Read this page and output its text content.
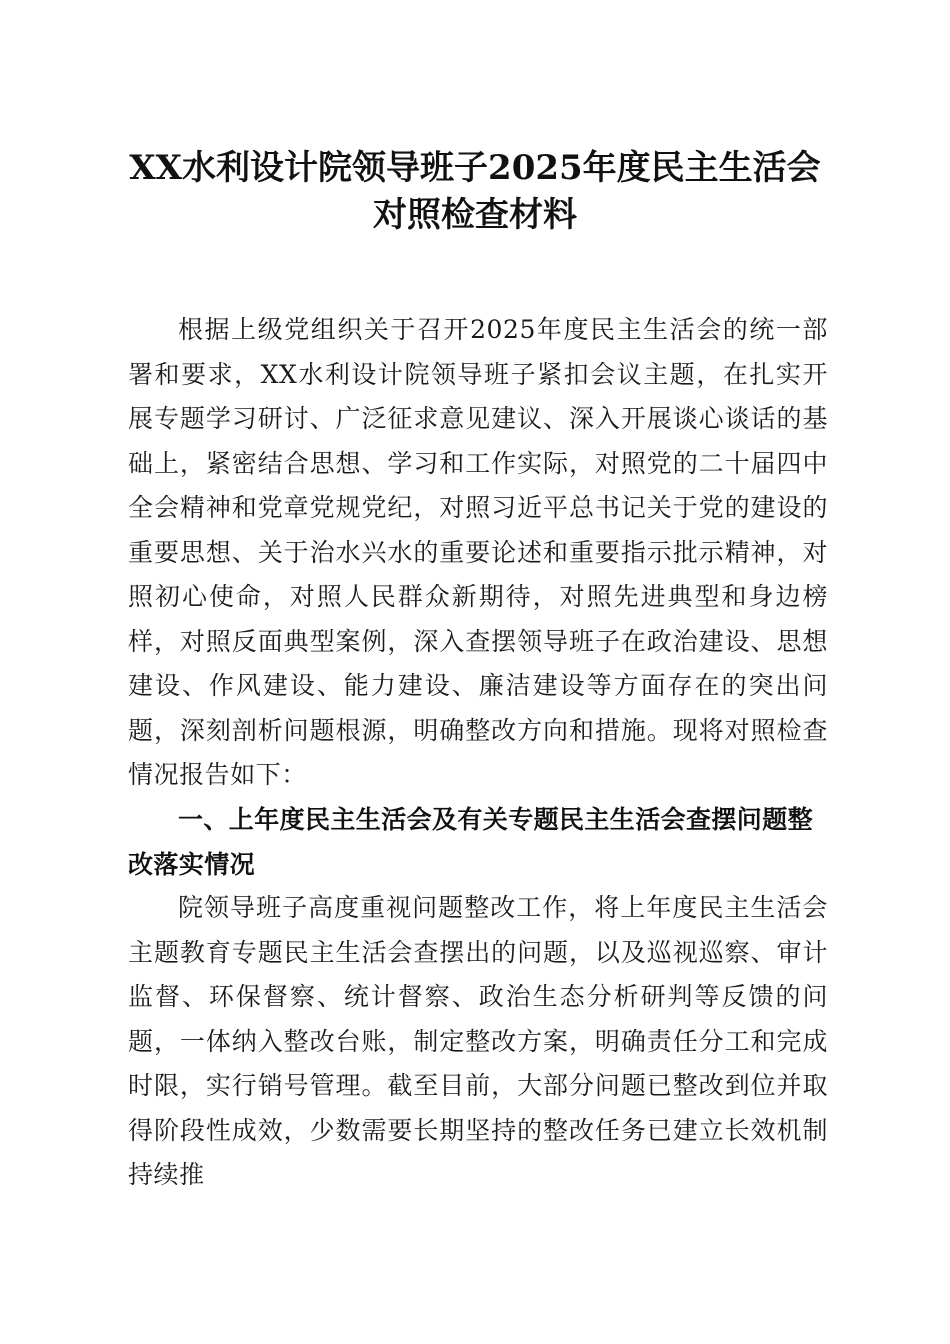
XX水利设计院领导班子2025年度民主生活会
对照检查材料

根据上级党组织关于召开2025年度民主生活会的统一部署和要求，XX水利设计院领导班子紧扣会议主题，在扎实开展专题学习研讨、广泛征求意见建议、深入开展谈心谈话的基础上，紧密结合思想、学习和工作实际，对照党的二十届四中全会精神和党章党规党纪，对照习近平总书记关于党的建设的重要思想、关于治水兴水的重要论述和重要指示批示精神，对照初心使命，对照人民群众新期待，对照先进典型和身边榜样，对照反面典型案例，深入查摆领导班子在政治建设、思想建设、作风建设、能力建设、廉洁建设等方面存在的突出问题，深刻剖析问题根源，明确整改方向和措施。现将对照检查情况报告如下：

一、上年度民主生活会及有关专题民主生活会查摆问题整改落实情况

院领导班子高度重视问题整改工作，将上年度民主生活会主题教育专题民主生活会查摆出的问题，以及巡视巡察、审计监督、环保督察、统计督察、政治生态分析研判等反馈的问题，一体纳入整改台账，制定整改方案，明确责任分工和完成时限，实行销号管理。截至目前，大部分问题已整改到位并取得阶段性成效，少数需要长期坚持的整改任务已建立长效机制持续推
